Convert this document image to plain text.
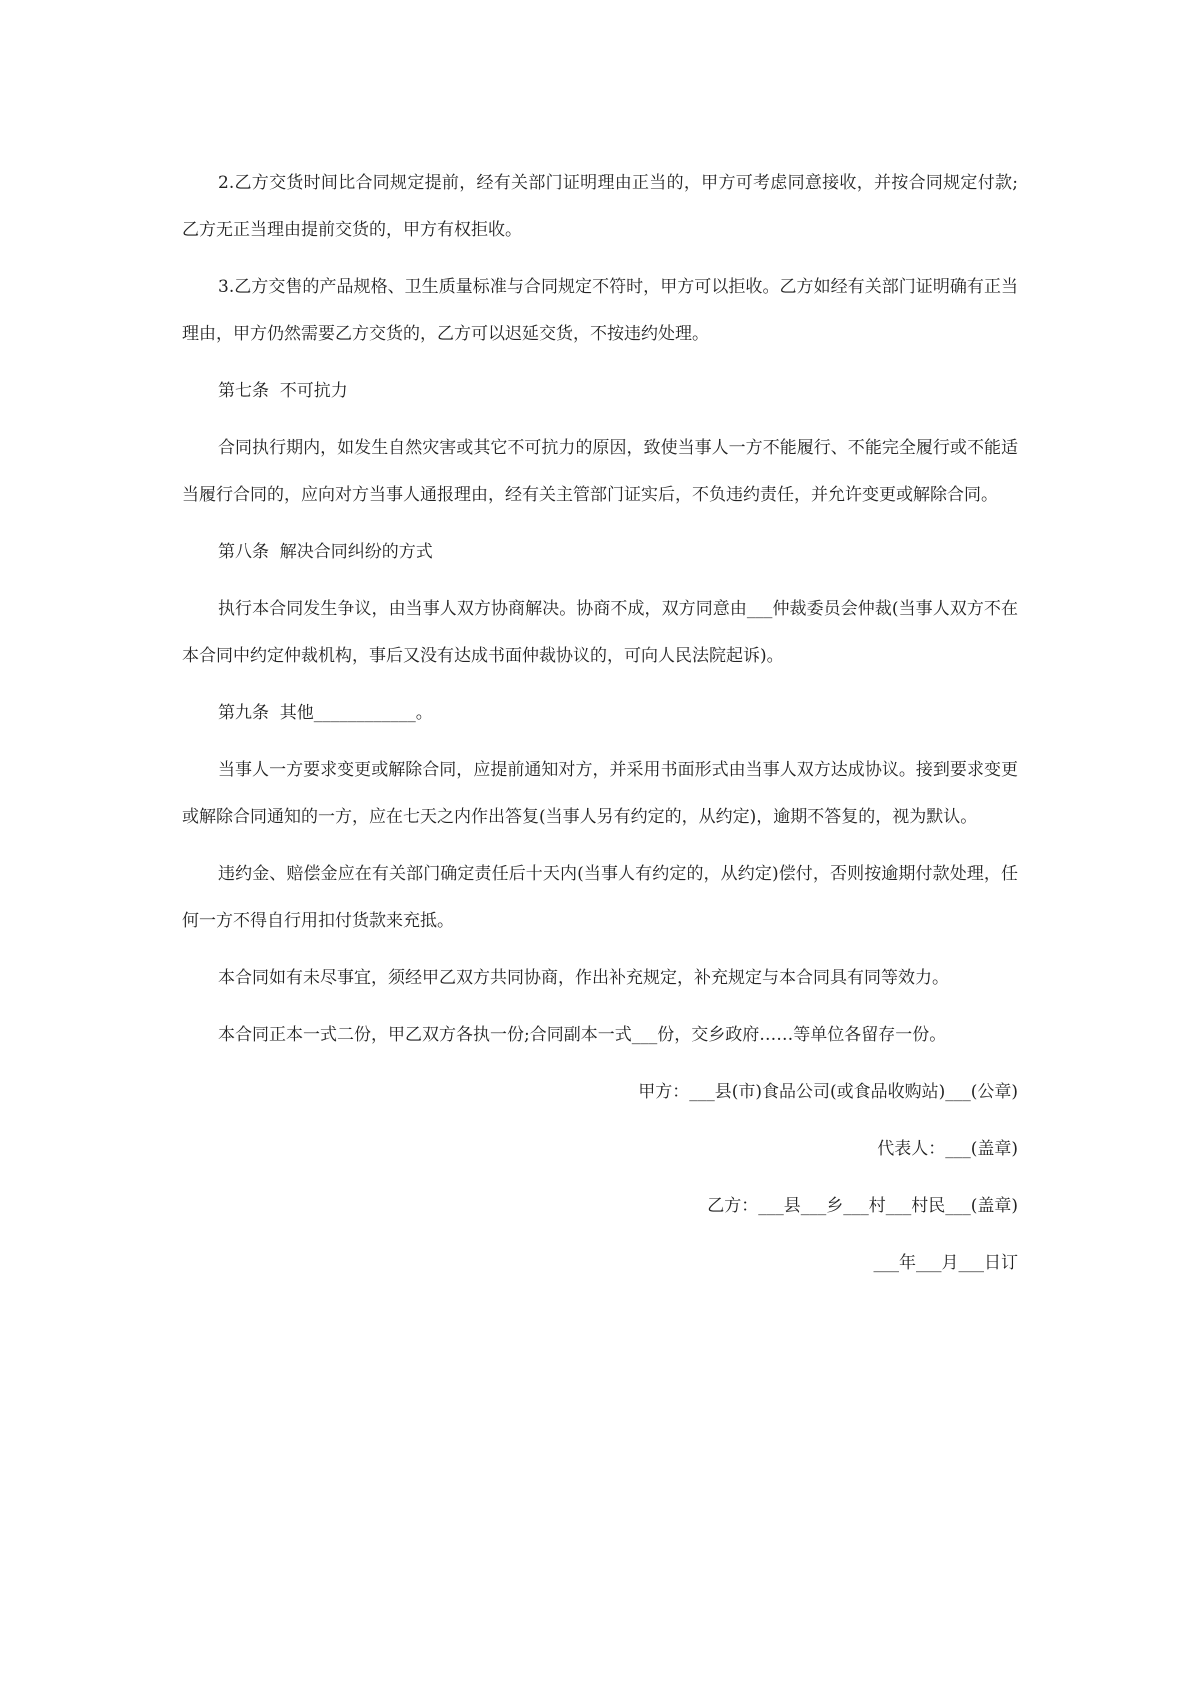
2.乙方交货时间比合同规定提前，经有关部门证明理由正当的，甲方可考虑同意接收，并按合同规定付款;乙方无正当理由提前交货的，甲方有权拒收。

3.乙方交售的产品规格、卫生质量标准与合同规定不符时，甲方可以拒收。乙方如经有关部门证明确有正当理由，甲方仍然需要乙方交货的，乙方可以迟延交货，不按违约处理。

第七条  不可抗力

合同执行期内，如发生自然灾害或其它不可抗力的原因，致使当事人一方不能履行、不能完全履行或不能适当履行合同的，应向对方当事人通报理由，经有关主管部门证实后，不负违约责任，并允许变更或解除合同。

第八条  解决合同纠纷的方式

执行本合同发生争议，由当事人双方协商解决。协商不成，双方同意由___仲裁委员会仲裁(当事人双方不在本合同中约定仲裁机构，事后又没有达成书面仲裁协议的，可向人民法院起诉)。

第九条  其他____________。

当事人一方要求变更或解除合同，应提前通知对方，并采用书面形式由当事人双方达成协议。接到要求变更或解除合同通知的一方，应在七天之内作出答复(当事人另有约定的，从约定)，逾期不答复的，视为默认。

违约金、赔偿金应在有关部门确定责任后十天内(当事人有约定的，从约定)偿付，否则按逾期付款处理，任何一方不得自行用扣付货款来充抵。

本合同如有未尽事宜，须经甲乙双方共同协商，作出补充规定，补充规定与本合同具有同等效力。

本合同正本一式二份，甲乙双方各执一份;合同副本一式___份，交乡政府……等单位各留存一份。

甲方：___县(市)食品公司(或食品收购站)___(公章)

代表人：___(盖章)

乙方：___县___乡___村___村民___(盖章)

___年___月___日订
